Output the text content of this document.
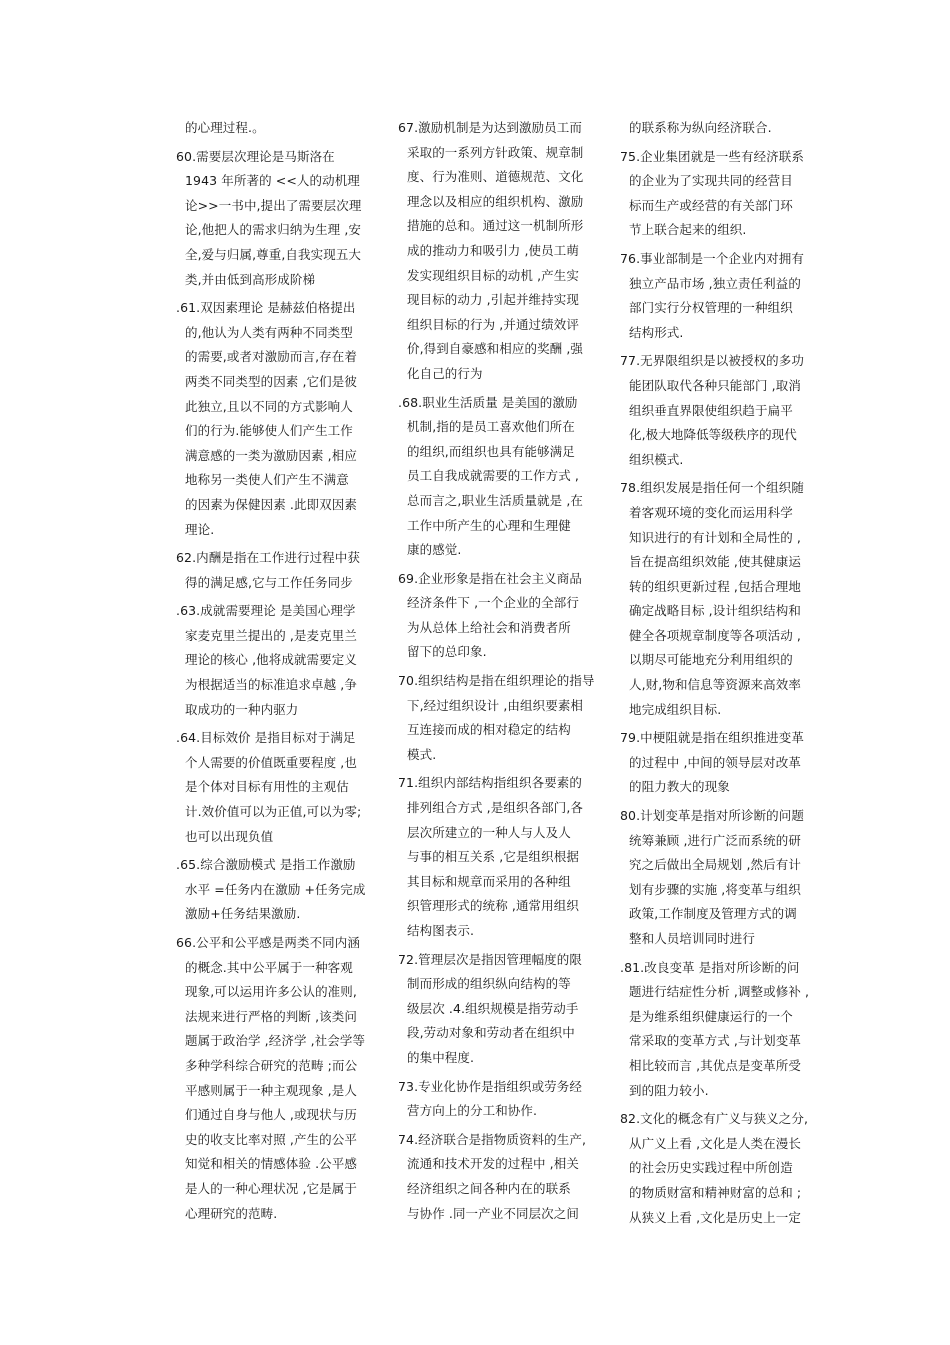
的心理过程.。
60.需要层次理论是马斯洛在
1943 年所著的 <<人的动机理
论>>一书中,提出了需要层次理
论,他把人的需求归纳为生理 ,安
全,爱与归属,尊重,自我实现五大
类,并由低到高形成阶梯
.61.双因素理论 是赫兹伯格提出
的,他认为人类有两种不同类型
的需要,或者对激励而言,存在着
两类不同类型的因素 ,它们是彼
此独立,且以不同的方式影响人
们的行为.能够使人们产生工作
满意感的一类为激励因素 ,相应
地称另一类使人们产生不满意
的因素为保健因素 .此即双因素
理论.
62.内酬是指在工作进行过程中获
得的满足感,它与工作任务同步
.63.成就需要理论 是美国心理学
家麦克里兰提出的 ,是麦克里兰
理论的核心 ,他将成就需要定义
为根据适当的标准追求卓越 ,争
取成功的一种内驱力
.64.目标效价 是指目标对于满足
个人需要的价值既重要程度 ,也
是个体对目标有用性的主观估
计.效价值可以为正值,可以为零;
也可以出现负值
.65.综合激励模式 是指工作激励
水平 =任务内在激励 +任务完成
激励+任务结果激励.
66.公平和公平感是两类不同内涵
的概念.其中公平属于一种客观
现象,可以运用许多公认的准则,
法规来进行严格的判断 ,该类问
题属于政治学 ,经济学 ,社会学等
多种学科综合研究的范畴 ;而公
平感则属于一种主观现象 ,是人
们通过自身与他人 ,或现状与历
史的收支比率对照 ,产生的公平
知觉和相关的情感体验 .公平感
是人的一种心理状况 ,它是属于
心理研究的范畴.
67.激励机制是为达到激励员工而
采取的一系列方针政策、规章制
度、行为准则、道德规范、文化
理念以及相应的组织机构、激励
措施的总和。通过这一机制所形
成的推动力和吸引力 ,使员工萌
发实现组织目标的动机 ,产生实
现目标的动力 ,引起并维持实现
组织目标的行为 ,并通过绩效评
价,得到自豪感和相应的奖酬 ,强
化自己的行为
.68.职业生活质量 是美国的激励
机制,指的是员工喜欢他们所在
的组织,而组织也具有能够满足
员工自我成就需要的工作方式 ,
总而言之,职业生活质量就是 ,在
工作中所产生的心理和生理健
康的感觉.
69.企业形象是指在社会主义商品
经济条件下 ,一个企业的全部行
为从总体上给社会和消费者所
留下的总印象.
70.组织结构是指在组织理论的指导
下,经过组织设计 ,由组织要素相
互连接而成的相对稳定的结构
模式.
71.组织内部结构指组织各要素的
排列组合方式 ,是组织各部门,各
层次所建立的一种人与人及人
与事的相互关系 ,它是组织根据
其目标和规章而采用的各种组
织管理形式的统称 ,通常用组织
结构图表示.
72.管理层次是指因管理幅度的限
制而形成的组织纵向结构的等
级层次 .4.组织规模是指劳动手
段,劳动对象和劳动者在组织中
的集中程度.
73.专业化协作是指组织或劳务经
营方向上的分工和协作.
74.经济联合是指物质资料的生产,
流通和技术开发的过程中 ,相关
经济组织之间各种内在的联系
与协作 .同一产业不同层次之间
的联系称为纵向经济联合.
75.企业集团就是一些有经济联系
的企业为了实现共同的经营目
标而生产或经营的有关部门环
节上联合起来的组织.
76.事业部制是一个企业内对拥有
独立产品市场 ,独立责任利益的
部门实行分权管理的一种组织
结构形式.
77.无界限组织是以被授权的多功
能团队取代各种只能部门 ,取消
组织垂直界限使组织趋于扁平
化,极大地降低等级秩序的现代
组织模式.
78.组织发展是指任何一个组织随
着客观环境的变化而运用科学
知识进行的有计划和全局性的 ,
旨在提高组织效能 ,使其健康运
转的组织更新过程 ,包括合理地
确定战略目标 ,设计组织结构和
健全各项规章制度等各项活动 ,
以期尽可能地充分利用组织的
人,财,物和信息等资源来高效率
地完成组织目标.
79.中梗阻就是指在组织推进变革
的过程中 ,中间的领导层对改革
的阻力教大的现象
80.计划变革是指对所诊断的问题
统筹兼顾 ,进行广泛而系统的研
究之后做出全局规划 ,然后有计
划有步骤的实施 ,将变革与组织
政策,工作制度及管理方式的调
整和人员培训同时进行
.81.改良变革 是指对所诊断的问
题进行结症性分析 ,调整或修补 ,
是为维系组织健康运行的一个
常采取的变革方式 ,与计划变革
相比较而言 ,其优点是变革所受
到的阻力较小.
82.文化的概念有广义与狭义之分,
从广义上看 ,文化是人类在漫长
的社会历史实践过程中所创造
的物质财富和精神财富的总和 ;
从狭义上看 ,文化是历史上一定
